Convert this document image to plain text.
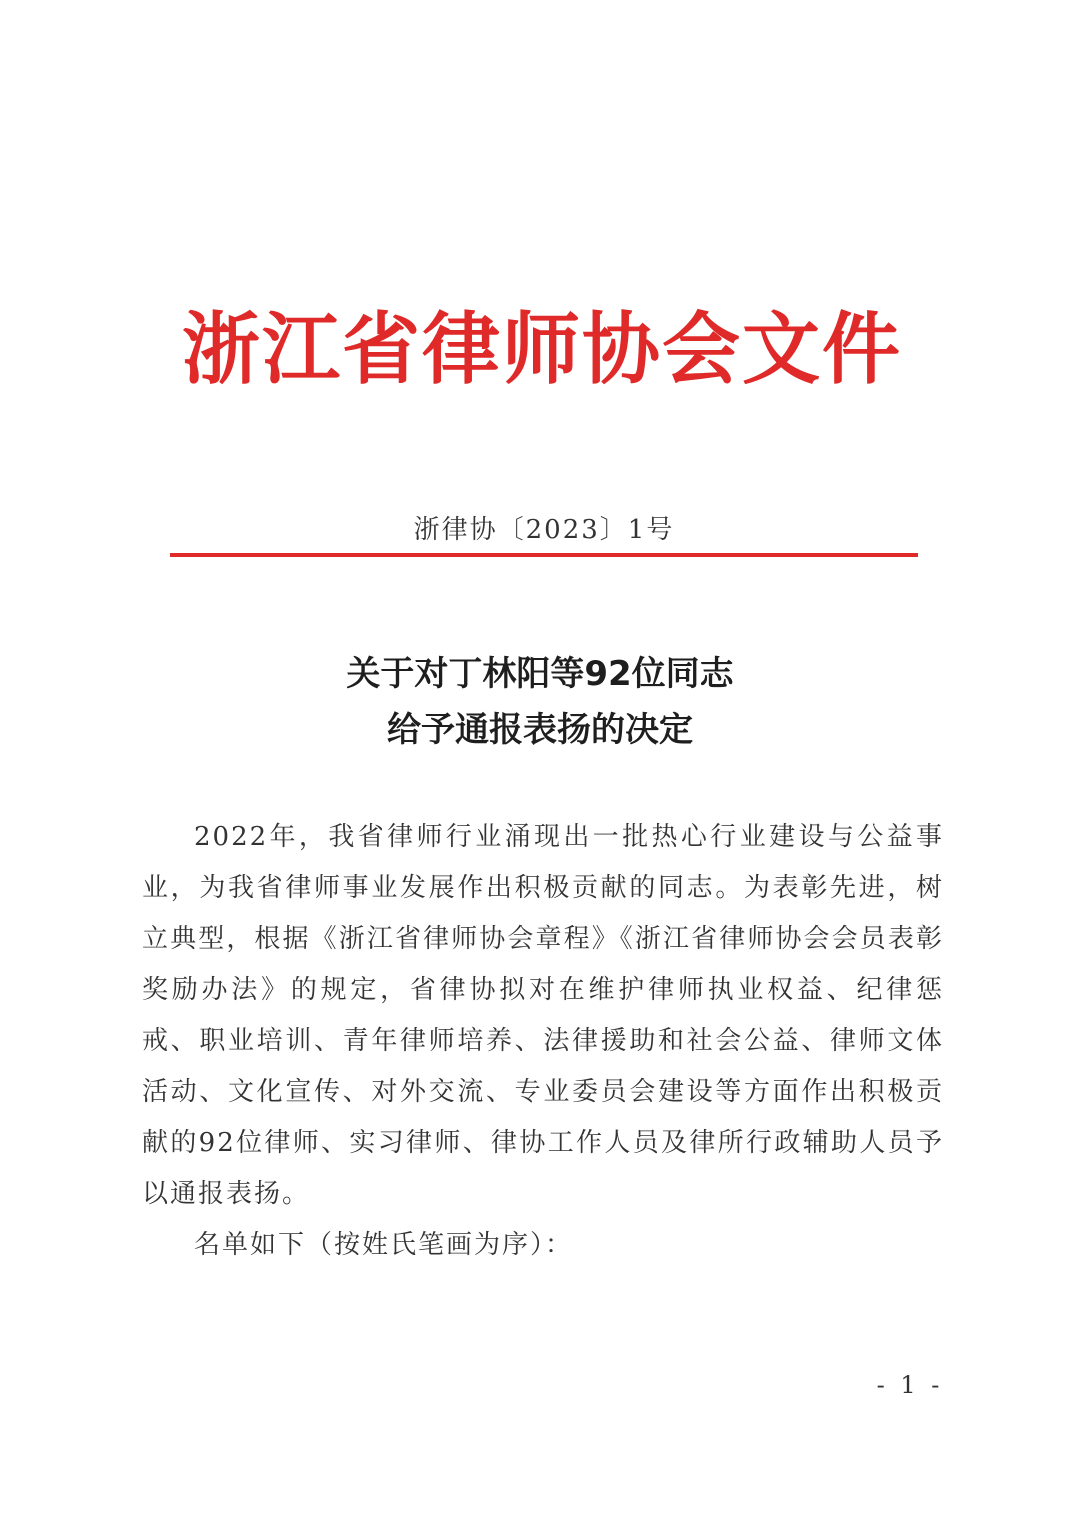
浙江省律师协会文件
浙律协〔2023〕1号
关于对丁林阳等92位同志
给予通报表扬的决定

2022年，我省律师行业涌现出一批热心行业建设与公益事业，为我省律师事业发展作出积极贡献的同志。为表彰先进，树立典型，根据《浙江省律师协会章程》《浙江省律师协会会员表彰奖励办法》的规定，省律协拟对在维护律师执业权益、纪律惩戒、职业培训、青年律师培养、法律援助和社会公益、律师文体活动、文化宣传、对外交流、专业委员会建设等方面作出积极贡献的92位律师、实习律师、律协工作人员及律所行政辅助人员予以通报表扬。

名单如下（按姓氏笔画为序）：

- 1 -
